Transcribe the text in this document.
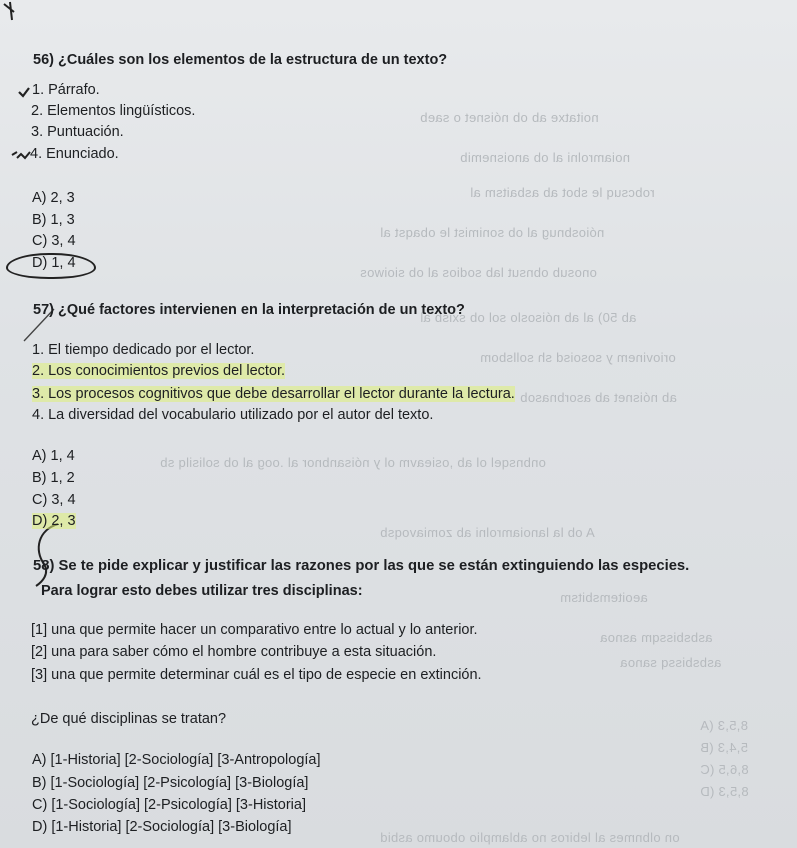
noitatxe ab ob nóisnet o saeb
noiamrolni al ob anoisnemib
robcsuq le sbot ab asbaitsm al
nóiosbnug al ob sonimist le obaqst al
onosub obnsut lab sodios al ob sioiwos
ab 50) al ab nóisoslo sol ob sxisb al
oriovinem y sosoisd sh sollsbom
ab nóisnet ab asorbnasob
onbnsqel ol ab ,osieavm ol y nóisanbnor al .oog al ob solisilq sb
A ob la lanoiamrolni ab zomiavoqsb
aeoitemsbitsm
asbsbissqm asnoa
asbsbissq sanoa
8,5,3 (A
5,4,3 (B
8,6,5 (C
8,5,3 (D
on olbnmes al lebiros no ablamplio oboumo asbid
56) ¿Cuáles son los elementos de la estructura de un texto?
1. Párrafo.
2. Elementos lingüísticos.
3. Puntuación.
4. Enunciado.
A) 2, 3
B) 1, 3
C) 3, 4
D) 1, 4
57) ¿Qué factores intervienen en la interpretación de un texto?
1. El tiempo dedicado por el lector.
2. Los conocimientos previos del lector.
3. Los procesos cognitivos que debe desarrollar el lector durante la lectura.
4. La diversidad del vocabulario utilizado por el autor del texto.
A) 1, 4
B) 1, 2
C) 3, 4
D) 2, 3
58) Se te pide explicar y justificar las razones por las que se están extinguiendo las especies.
Para lograr esto debes utilizar tres disciplinas:
[1] una que permite hacer un comparativo entre lo actual y lo anterior.
[2] una para saber cómo el hombre contribuye a esta situación.
[3] una que permite determinar cuál es el tipo de especie en extinción.
¿De qué disciplinas se tratan?
A) [1-Historia] [2-Sociología] [3-Antropología]
B) [1-Sociología] [2-Psicología] [3-Biología]
C) [1-Sociología] [2-Psicología] [3-Historia]
D) [1-Historia] [2-Sociología] [3-Biología]
